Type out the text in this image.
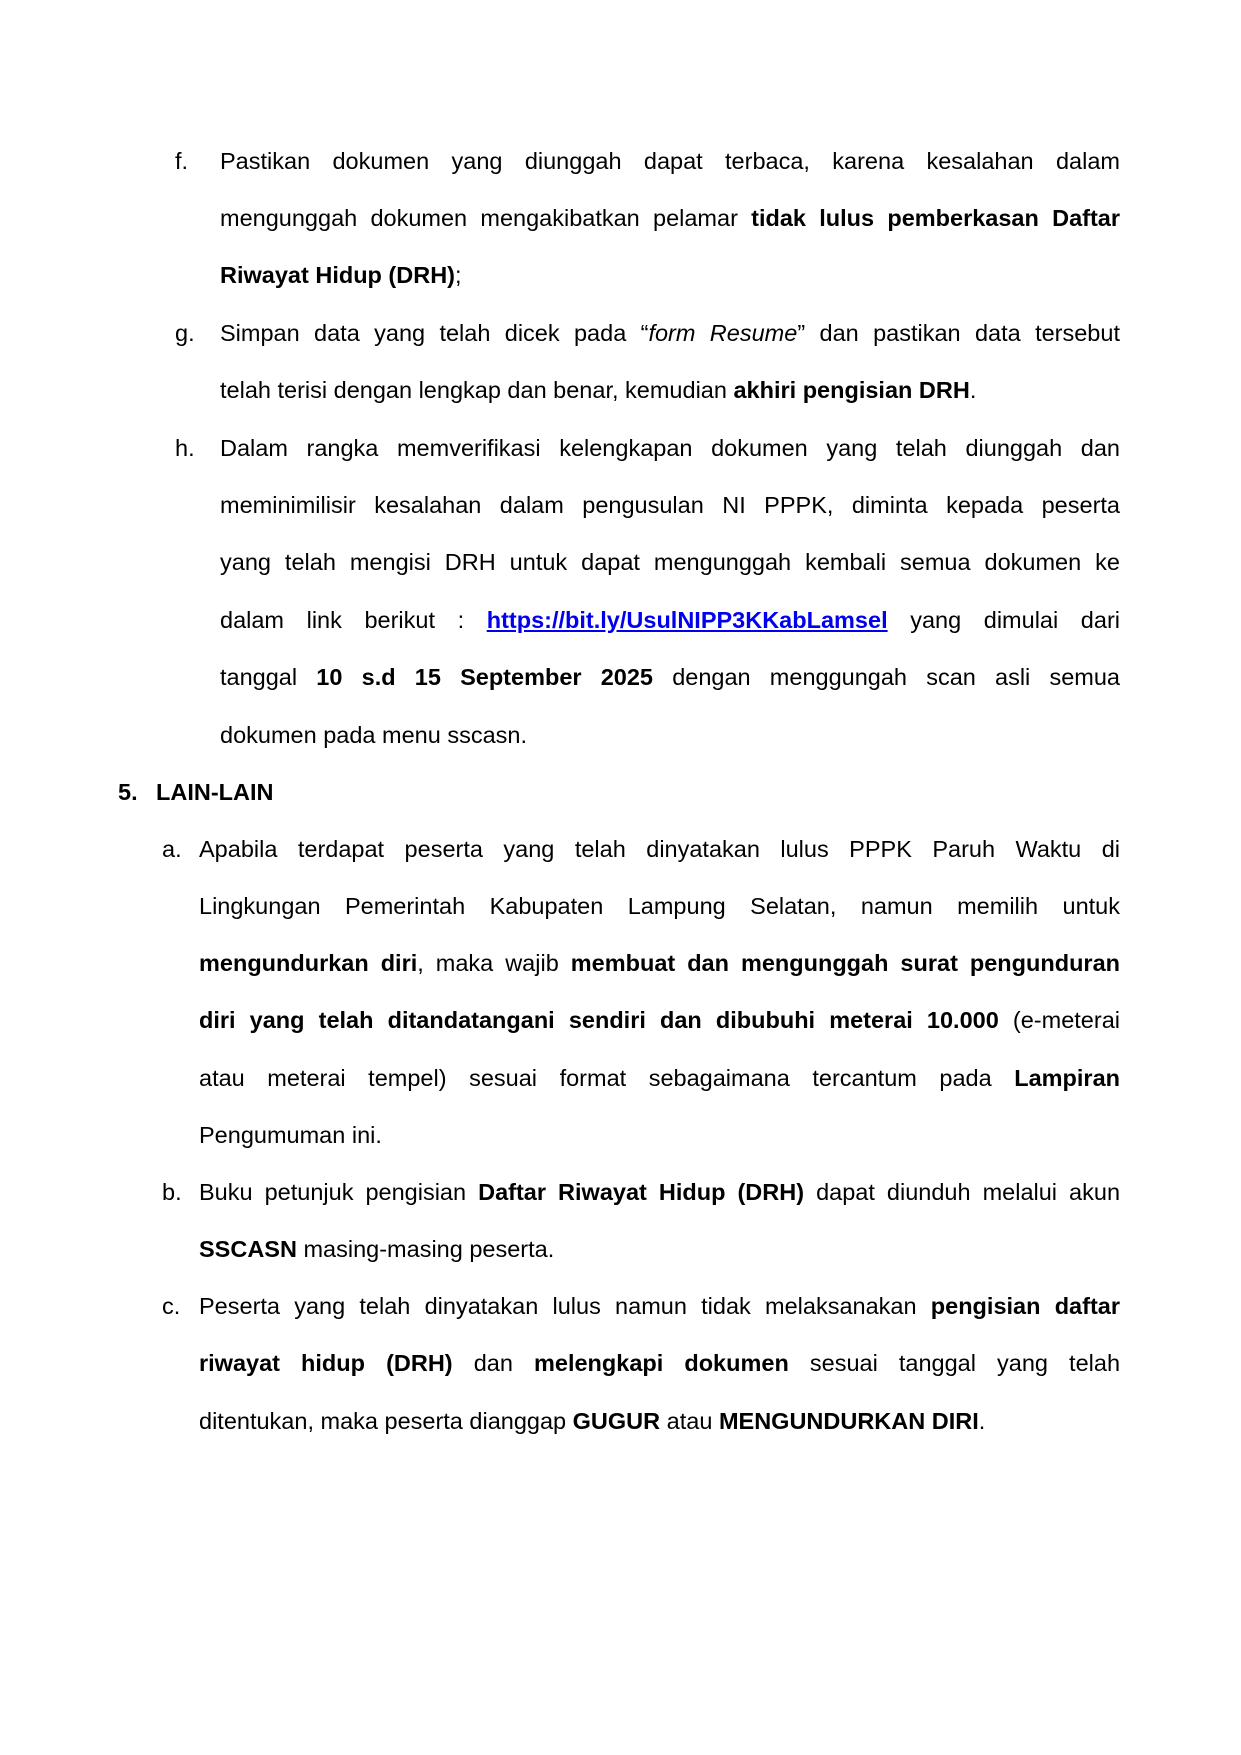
f. Pastikan dokumen yang diunggah dapat terbaca, karena kesalahan dalam
mengunggah dokumen mengakibatkan pelamar tidak lulus pemberkasan Daftar
Riwayat Hidup (DRH);
g. Simpan data yang telah dicek pada “form Resume” dan pastikan data tersebut
telah terisi dengan lengkap dan benar, kemudian akhiri pengisian DRH.
h. Dalam rangka memverifikasi kelengkapan dokumen yang telah diunggah dan
meminimilisir kesalahan dalam pengusulan NI PPPK, diminta kepada peserta
yang telah mengisi DRH untuk dapat mengunggah kembali semua dokumen ke
dalam link berikut : https://bit.ly/UsulNIPP3KKabLamsel yang dimulai dari
tanggal 10 s.d 15 September 2025 dengan menggungah scan asli semua
dokumen pada menu sscasn.
5. LAIN-LAIN
a. Apabila terdapat peserta yang telah dinyatakan lulus PPPK Paruh Waktu di
Lingkungan Pemerintah Kabupaten Lampung Selatan, namun memilih untuk
mengundurkan diri, maka wajib membuat dan mengunggah surat pengunduran
diri yang telah ditandatangani sendiri dan dibubuhi meterai 10.000 (e-meterai
atau meterai tempel) sesuai format sebagaimana tercantum pada Lampiran
Pengumuman ini.
b. Buku petunjuk pengisian Daftar Riwayat Hidup (DRH) dapat diunduh melalui akun
SSCASN masing-masing peserta.
c. Peserta yang telah dinyatakan lulus namun tidak melaksanakan pengisian daftar
riwayat hidup (DRH) dan melengkapi dokumen sesuai tanggal yang telah
ditentukan, maka peserta dianggap GUGUR atau MENGUNDURKAN DIRI.
